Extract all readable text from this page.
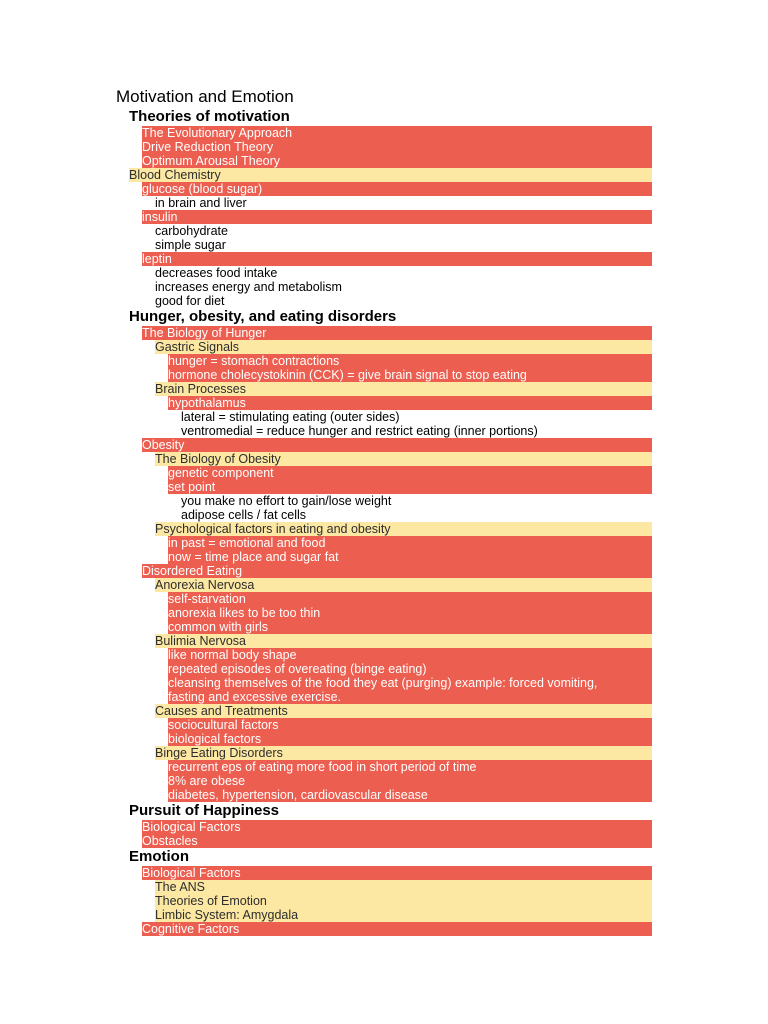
Motivation and Emotion
Theories of motivation
The Evolutionary Approach
Drive Reduction Theory
Optimum Arousal Theory
Blood Chemistry
glucose (blood sugar)
in brain and liver
insulin
carbohydrate
simple sugar
leptin
decreases food intake
increases energy and metabolism
good for diet
Hunger, obesity, and eating disorders
The Biology of Hunger
Gastric Signals
hunger = stomach contractions
hormone cholecystokinin (CCK) = give brain signal to stop eating
Brain Processes
hypothalamus
lateral = stimulating eating (outer sides)
ventromedial = reduce hunger and restrict eating (inner portions)
Obesity
The Biology of Obesity
genetic component
set point
you make no effort to gain/lose weight
adipose cells / fat cells
Psychological factors in eating and obesity
in past = emotional and food
now = time place and sugar fat
Disordered Eating
Anorexia Nervosa
self-starvation
anorexia likes to be too thin
common with girls
Bulimia Nervosa
like normal body shape
repeated episodes of overeating (binge eating)
cleansing themselves of the food they eat (purging) example: forced vomiting,
fasting and excessive exercise.
Causes and Treatments
sociocultural factors
biological factors
Binge Eating Disorders
recurrent eps of eating more food in short period of time
8% are obese
diabetes, hypertension, cardiovascular disease
Pursuit of Happiness
Biological Factors
Obstacles
Emotion
Biological Factors
The ANS
Theories of Emotion
Limbic System: Amygdala
Cognitive Factors
